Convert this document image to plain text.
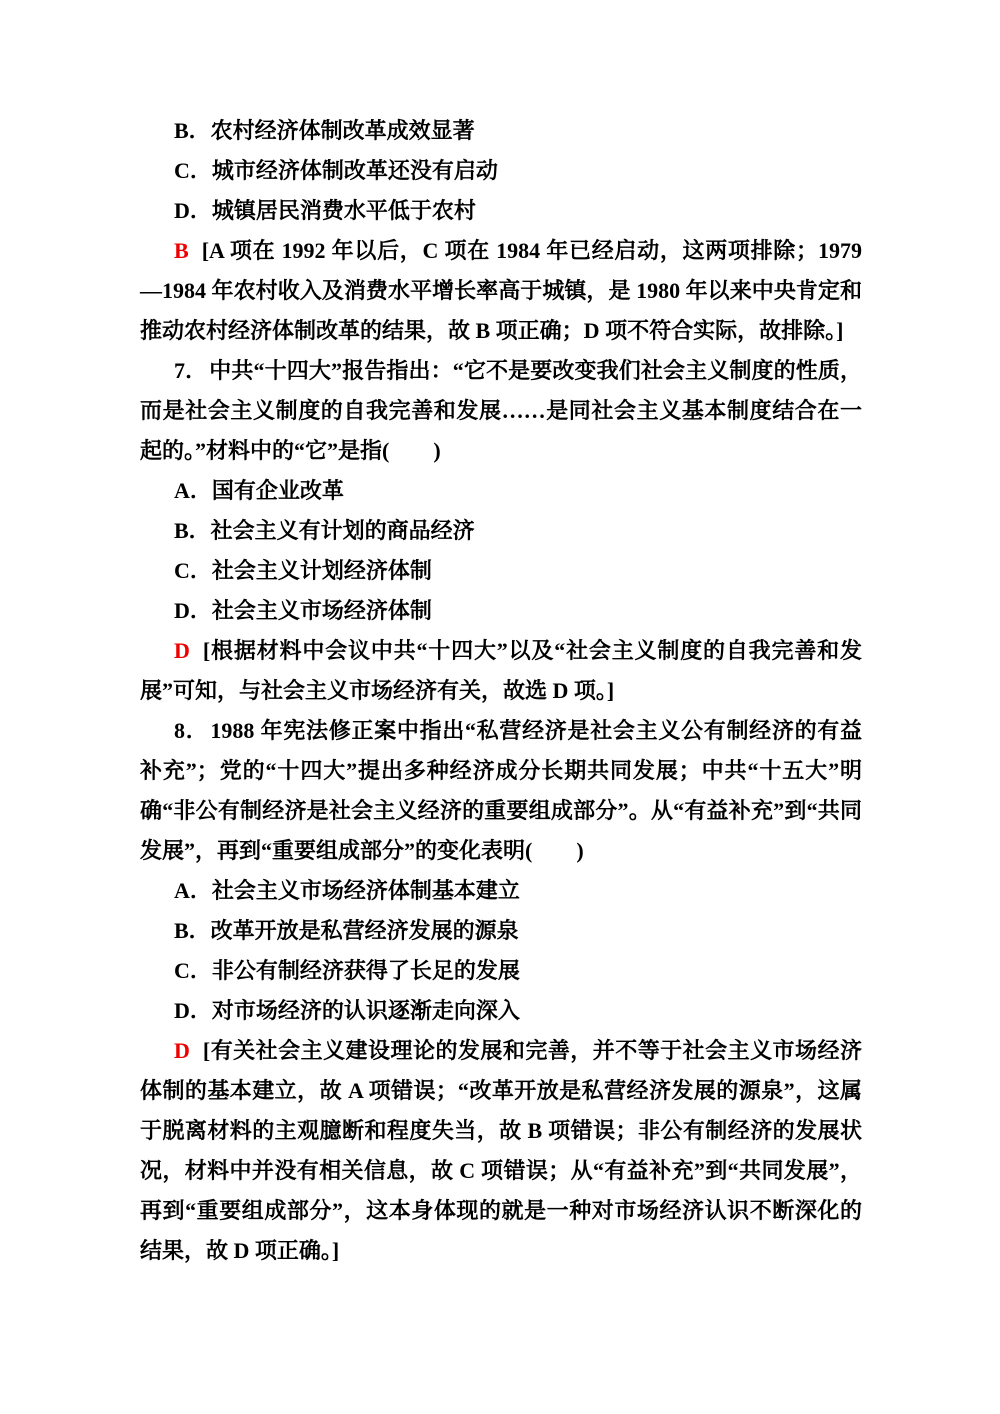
B．农村经济体制改革成效显著
C．城市经济体制改革还没有启动
D．城镇居民消费水平低于农村
B [A 项在 1992 年以后，C 项在 1984 年已经启动，这两项排除；1979—1984 年农村收入及消费水平增长率高于城镇，是 1980 年以来中央肯定和推动农村经济体制改革的结果，故 B 项正确；D 项不符合实际，故排除。]
7．中共“十四大”报告指出：“它不是要改变我们社会主义制度的性质，而是社会主义制度的自我完善和发展……是同社会主义基本制度结合在一起的。”材料中的“它”是指(　　)
A．国有企业改革
B．社会主义有计划的商品经济
C．社会主义计划经济体制
D．社会主义市场经济体制
D [根据材料中会议中共“十四大”以及“社会主义制度的自我完善和发展”可知，与社会主义市场经济有关，故选 D 项。]
8．1988 年宪法修正案中指出“私营经济是社会主义公有制经济的有益补充”；党的“十四大”提出多种经济成分长期共同发展；中共“十五大”明确“非公有制经济是社会主义经济的重要组成部分”。从“有益补充”到“共同发展”，再到“重要组成部分”的变化表明(　　)
A．社会主义市场经济体制基本建立
B．改革开放是私营经济发展的源泉
C．非公有制经济获得了长足的发展
D．对市场经济的认识逐渐走向深入
D [有关社会主义建设理论的发展和完善，并不等于社会主义市场经济体制的基本建立，故 A 项错误；“改革开放是私营经济发展的源泉”，这属于脱离材料的主观臆断和程度失当，故 B 项错误；非公有制经济的发展状况，材料中并没有相关信息，故 C 项错误；从“有益补充”到“共同发展”，再到“重要组成部分”，这本身体现的就是一种对市场经济认识不断深化的结果，故 D 项正确。]
